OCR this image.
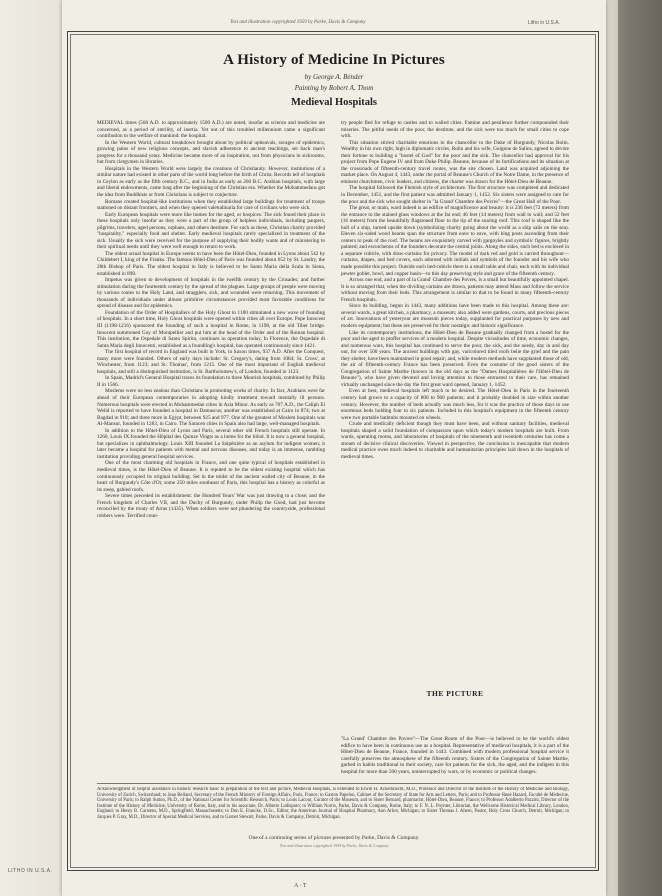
LITHO IN U.S.A.
Text and illustration copyrighted 1959 by Parke, Davis & Company	Litho in U.S.A.
A History of Medicine In Pictures
by George A. Bender
Painting by Robert A. Thom
Medieval Hospitals

MEDIEVAL times (500 A.D. to approximately 1500 A.D.) are noted, insofar as science and medicine are concerned, as a period of sterility, of inertia. Yet out of this troubled millennium came a significant contribution to the welfare of mankind: the hospital.

In the Western World, cultural breakdown brought about by political upheavals, ravages of epidemics, growing pains of new religious concepts, and slavish adherence to ancient teachings, set back man's progress for a thousand years. Medicine became more of an inspiration, not from physicians in sickrooms, but from clergymen in libraries.

Hospitals in the Western World were largely the creations of Christianity. However, institutions of a similar nature had existed in other parts of the world long before the birth of Christ. Records tell of hospitals in Ceylon as early as the fifth century B.C., and in India as early as 260 B.C. Arabian hospitals, with large and liberal endowments, came long after the beginning of the Christian era. Whether the Mohammedans got the idea from Buddhists or from Christians is subject to conjecture.

Romans created hospital-like institutions when they established large buildings for treatment of troops stationed on distant frontiers, and when they opened valetudinaria for care of civilians who were sick.

Early European hospitals were more like homes for the aged, or hospices. The sick found their place in these hospitals only insofar as they were a part of the group of helpless individuals, including paupers, pilgrims, travelers, aged persons, orphans, and others destitute. For such as these, Christian charity provided "hospitality," especially food and shelter. Early medieval hospitals rarely specialized in treatment of the sick. Usually the sick were received for the purpose of supplying their bodily wants and of ministering to their spiritual needs until they were well enough to return to work.

The oldest actual hospital in Europe seems to have been the Hôtel-Dieu, founded in Lyons about 542 by Childebert I, king of the Franks. The famous Hôtel-Dieu of Paris was founded about 652 by St. Landry, the 28th Bishop of Paris. The oldest hospital in Italy is believed to be Santa Maria della Scala in Siena, established in 898.

Impetus was given to development of hospitals in the twelfth century by the Crusades; and further stimulation during the fourteenth century by the spread of the plagues. Large groups of people were moving by various routes to the Holy Land, and stragglers, sick, and wounded were returning. This movement of thousands of individuals under almost primitive circumstances provided most favorable conditions for spread of disease and for epidemics.

Foundation of the Order of Hospitallers of the Holy Ghost in 1180 stimulated a new wave of founding of hospitals. In a short time, Holy Ghost hospitals were opened within cities all over Europe. Pope Innocent III (1198-1216) sponsored the founding of such a hospital in Rome, in 1198, at the old Tiber bridge. Innocent summoned Guy of Montpellier and put him at the head of the Order and of the Roman hospital. This institution, the Ospedale di Santo Spirito, continues in operation today. In Florence, the Ospedale di Santa Maria degli Innocenti, established as a foundling's hospital, has operated continuously since 1421.

The first hospital of record in England was built in York, in Saxon times, 937 A.D. After the Conquest, many more were founded. Others of early days include: St. Gregory's, dating from 1084; St. Cross', at Winchester, from 1123; and St. Thomas', from 1215. One of the most important of English medieval hospitals, and still a distinguished institution, is St. Bartholomew's, of London, founded in 1123.

In Spain, Madrid's General Hospital traces its foundation to three Moorish hospitals, combined by Philip II in 1566.

Moslems were no less zealous than Christians in promoting works of charity. In fact, Arabians were far ahead of their European contemporaries in adopting kindly treatment toward mentally ill persons. Numerous hospitals were erected in Mohammedan cities in Asia Minor. As early as 707 A.D., the Caliph El Welid is reported to have founded a hospital in Damascus; another was established at Cairo in 874; two at Bagdad in 918; and three more in Egypt, between 925 and 977. One of the greatest of Moslem hospitals was Al-Mansur, founded in 1283, in Cairo. The Saracen cities in Spain also had large, well-managed hospitals.

In addition to the Hôtel-Dieu of Lyons and Paris, several other old French hospitals still operate. In 1260, Louis IX founded the Hôpital des Quinze Vingts as a home for the blind. It is now a general hospital, but specializes in ophthalmology. Louis XIII founded La Salpêtrière as an asylum for indigent women; it later became a hospital for patients with mental and nervous diseases, and today is an immense, rambling institution providing general hospital services.

One of the most charming old hospitals in France, and one quite typical of hospitals established in medieval times, is the Hôtel-Dieu of Beaune. It is reputed to be the oldest existing hospital which has continuously occupied its original building. Set in the midst of the ancient walled city of Beaune, in the heart of Burgundy's Côte d'Or, some 250 miles southeast of Paris, this hospital has a history as colorful as its steep, gabled roofs.

Severe times preceded its establishment: the Hundred Years' War was just drawing to a close; and the French kingdom of Charles VII, and the Duchy of Burgundy, under Philip the Good, had just become reconciled by the treaty of Arras (1435). When soldiers were not plundering the countryside, professional robbers were. Terrified coun-

try people fled for refuge to castles and to walled cities. Famine and pestilence further compounded their miseries. The pitiful needs of the poor, the destitute, and the sick were too much for small cities to cope with.

This situation stirred charitable emotions in the chancellor to the Duke of Burgundy, Nicolas Rolin. Wealthy in his own right, high in diplomatic circles, Rolin and his wife, Guigone de Salins, agreed to devote their fortune to building a "hostel of God" for the poor and the sick. The chancellor had approval for his project from Pope Eugene IV and from Duke Philip. Beaune, because of its fortifications and its situation at the crossroads of fifteenth-century travel routes, was the site chosen. Land was acquired adjoining the market place. On August 4, 1443, under the portal of Beaune's Church of the Notre Dame, in the presence of eminent churchmen, civic leaders, and citizens, the charter was drawn for the Hôtel-Dieu de Beaune.

The hospital followed the Flemish style of architecture. The first structure was completed and dedicated in December, 1451, and the first patient was admitted January 1, 1452. Six sisters were assigned to care for the poor and the sick who sought shelter in "la Grand' Chambre des Povres"—the Great Hall of the Poor.

The great, or main, ward indeed is an edifice of magnificence and beauty: it is 236 feet (72 meters) from the entrance to the stained glass windows at the far end; 46 feet (14 meters) from wall to wall; and 52 feet (16 meters) from the beautifully flagstoned floor to the tip of the soaring roof. This roof is shaped like the hull of a ship, turned upside down (symbolizing charity going about the world as a ship sails on the sea). Eleven six-sided wood beams span the structure from eave to eave, with king posts ascending from their centers to peak of the roof. The beams are exquisitely carved with gargoyles and symbolic figures, brightly painted; and escutcheons of the founders decorate the central joints. Along the sides, each bed is enclosed in a separate cubicle, with draw-curtains for privacy. The model of dark red and gold is carried throughout—curtains, drapes, and bed covers, each adorned with initials and symbols of the founder and his wife who made possible this project. Outside each bed-cubicle there is a small table and chair, each with its individual pewter goblet, bowl, and copper basin—to this day preserving style and grace of the fifteenth century.

Across one end, and a part of la Grand' Chambre des Povres, is a small but beautifully appointed chapel. It is so arranged that, when the dividing curtains are drawn, patients may attend Mass and follow the service without moving from their beds. This arrangement is similar to that to be found in many fifteenth-century French hospitals.

Since its building, begun in 1443, many additions have been made to this hospital. Among these are: several wards, a great kitchen, a pharmacy, a museum; also added were gardens, courts, and precious pieces of art. Innovations of yesteryear are museum pieces today, supplanted for practical purposes by new and modern equipment; but these are preserved for their nostalgic and historic significance.

Like its contemporary institutions, the Hôtel-Dieu de Beaune gradually changed from a hostel for the poor and the aged to proffer services of a modern hospital. Despite vicissitudes of time, economic changes, and numerous wars, this hospital has continued to serve the poor, the sick, and the needy, day in and day out, for over 500 years. The ancient buildings with gay, varicolored tiled roofs belie the grief and the pain they shelter, have been maintained in good repair; and, while modern methods have supplanted those of old, the air of fifteenth-century France has been preserved. Even the costume of the good sisters of the Congregation of Sainte Marthe (known in the old days as the "Dames Hospitalières de l'Hôtel-Dieu de Beaune"), who have given devoted and loving attention to those entrusted to their care, has remained virtually unchanged since the day the first great ward opened, January 1, 1452.

Even at best, medieval hospitals left much to be desired. The Hôtel-Dieu in Paris in the fourteenth century had grown to a capacity of 800 to 900 patients; and it probably doubled in size within another century. However, the number of beds actually was much less, for it was the practice of those days to use enormous beds holding four to six patients. Included in this hospital's equipment in the fifteenth century were two portable bathtubs mounted on wheels.

Crude and medically deficient though they must have been, and without sanitary facilities, medieval hospitals shaped a solid foundation of compassion upon which today's modern hospitals are built. From wards, operating rooms, and laboratories of hospitals of the nineteenth and twentieth centuries has come a stream of decisive clinical discoveries. Viewed in perspective, the conclusion is inescapable that modern medical practice owes much indeed to charitable and humanitarian principles laid down in the hospitals of medieval times.

THE PICTURE

"La Grand' Chambre des Povres"—The Great Room of the Poor—is believed to be the world's oldest edifice to have been in continuous use as a hospital. Representative of medieval hospitals, it is a part of the Hôtel-Dieu de Beaune, France, founded in 1443. Combined with modern professional hospital service it carefully preserves the atmosphere of the fifteenth century. Sisters of the Congregation of Sainte Marthe, garbed in habits traditional to their society, care for patients for the sick, the aged, and the indigent in this hospital for more than 500 years, uninterrupted by wars, or by economic or political changes.

Acknowledgment of helpful assistance in historic research basic to preparation of the text and picture, Medieval Hospitals, is extended to Erwin H. Ackerknecht, M.D., Professor and Director of the Institute of the History of Medicine and Biology, University of Zurich, Switzerland; to Jean Belland, Secretary of the French Ministry of Foreign Affairs, Paris, France; to Gaston Papelon, Cabinet of the Secretary of State for Arts and Letters, Paris; and to Professor René Hazard, Faculté de Médecine, University of Paris; to Ralph Sutton, Ph.D., of the National Center for Scientific Research, Paris; to Louis Lacour, Curator of the Museum, and to Sister Bernard, pharmacist, Hôtel-Dieu, Beaune, France; to Professor Adalberto Pazzini, Director of the Institute of the History of Medicine, University of Rome, Italy, and to his associate, Dr. Alberto Lodispoto; to William Norris, Parke, Davis & Company, Rome, Italy; to F. N. L. Poynter, Librarian, the Wellcome Historical Medical Library, London, England; to Henry B. Carstens, M.D., Springfield, Massachusetts; to Don E. Francke, D.Sc., Editor, the American Journal of Hospital Pharmacy, Ann Arbor, Michigan; to Sister Thomas J. Ahern, Pastor, Holy Cross Church, Detroit, Michigan; to Jacques P. Gray, M.D., Director of Special Medical Services, and to Garnet Stewart, Parke, Davis & Company, Detroit, Michigan.
One of a continuing series of pictures presented by Parke, Davis & Company.
Text and illustration copyrighted 1959 by Parke, Davis & Company
A · T
